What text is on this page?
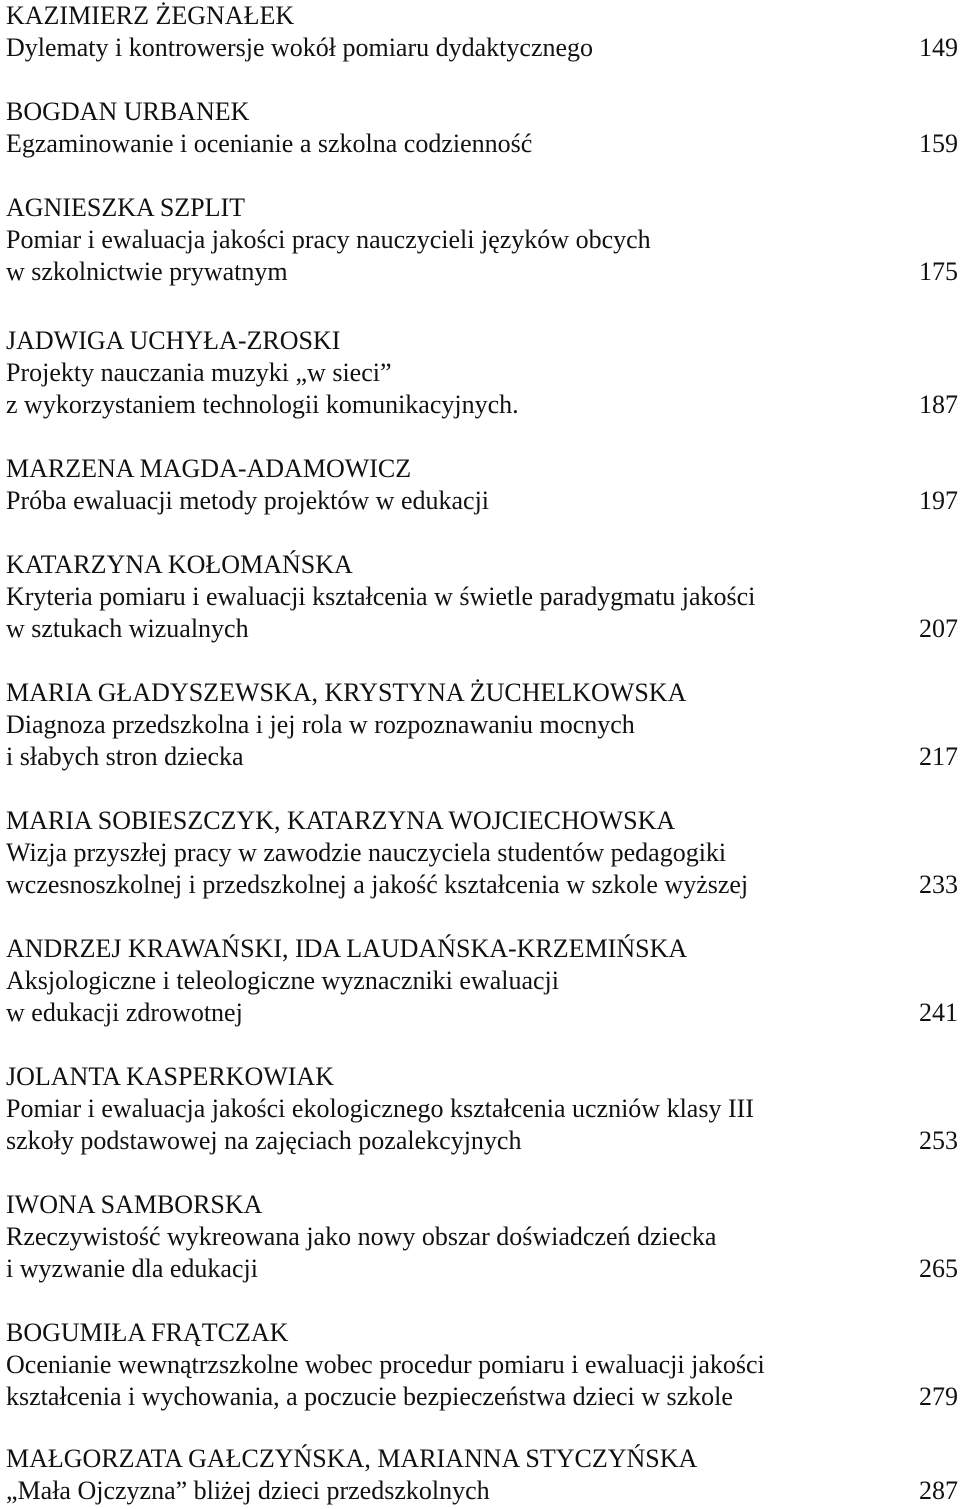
KAZIMIERZ ŻEGNAŁEK
Dylematy i kontrowersje wokół pomiaru dydaktycznego	149
BOGDAN URBANEK
Egzaminowanie i ocenianie a szkolna codzienność	159
AGNIESZKA SZPLIT
Pomiar i ewaluacja jakości pracy nauczycieli języków obcych
w szkolnictwie prywatnym	175
JADWIGA UCHYŁA-ZROSKI
Projekty nauczania muzyki „w sieci”
z wykorzystaniem technologii komunikacyjnych.	187
MARZENA MAGDA-ADAMOWICZ
Próba ewaluacji metody projektów w edukacji	197
KATARZYNA KOŁOMAŃSKA
Kryteria pomiaru i ewaluacji kształcenia w świetle paradygmatu jakości
w sztukach wizualnych	207
MARIA GŁADYSZEWSKA, KRYSTYNA ŻUCHELKOWSKA
Diagnoza przedszkolna i jej rola w rozpoznawaniu mocnych
i słabych stron dziecka	217
MARIA SOBIESZCZYK, KATARZYNA WOJCIECHOWSKA
Wizja przyszłej pracy w zawodzie nauczyciela studentów pedagogiki
wczesnoszkolnej i przedszkolnej a jakość kształcenia w szkole wyższej	233
ANDRZEJ KRAWAŃSKI, IDA LAUDAŃSKA-KRZEMIŃSKA
Aksjologiczne i teleologiczne wyznaczniki ewaluacji
w edukacji zdrowotnej	241
JOLANTA KASPERKOWIAK
Pomiar i ewaluacja jakości ekologicznego kształcenia uczniów klasy III
szkoły podstawowej na zajęciach pozalekcyjnych	253
IWONA SAMBORSKA
Rzeczywistość wykreowana jako nowy obszar doświadczeń dziecka
i wyzwanie dla edukacji	265
BOGUMIŁA FRĄTCZAK
Ocenianie wewnątrzszkolne wobec procedur pomiaru i ewaluacji jakości
kształcenia i wychowania, a poczucie bezpieczeństwa dzieci w szkole	279
MAŁGORZATA GAŁCZYŃSKA, MARIANNA STYCZYŃSKA
„Mała Ojczyzna” bliżej dzieci przedszkolnych	287
